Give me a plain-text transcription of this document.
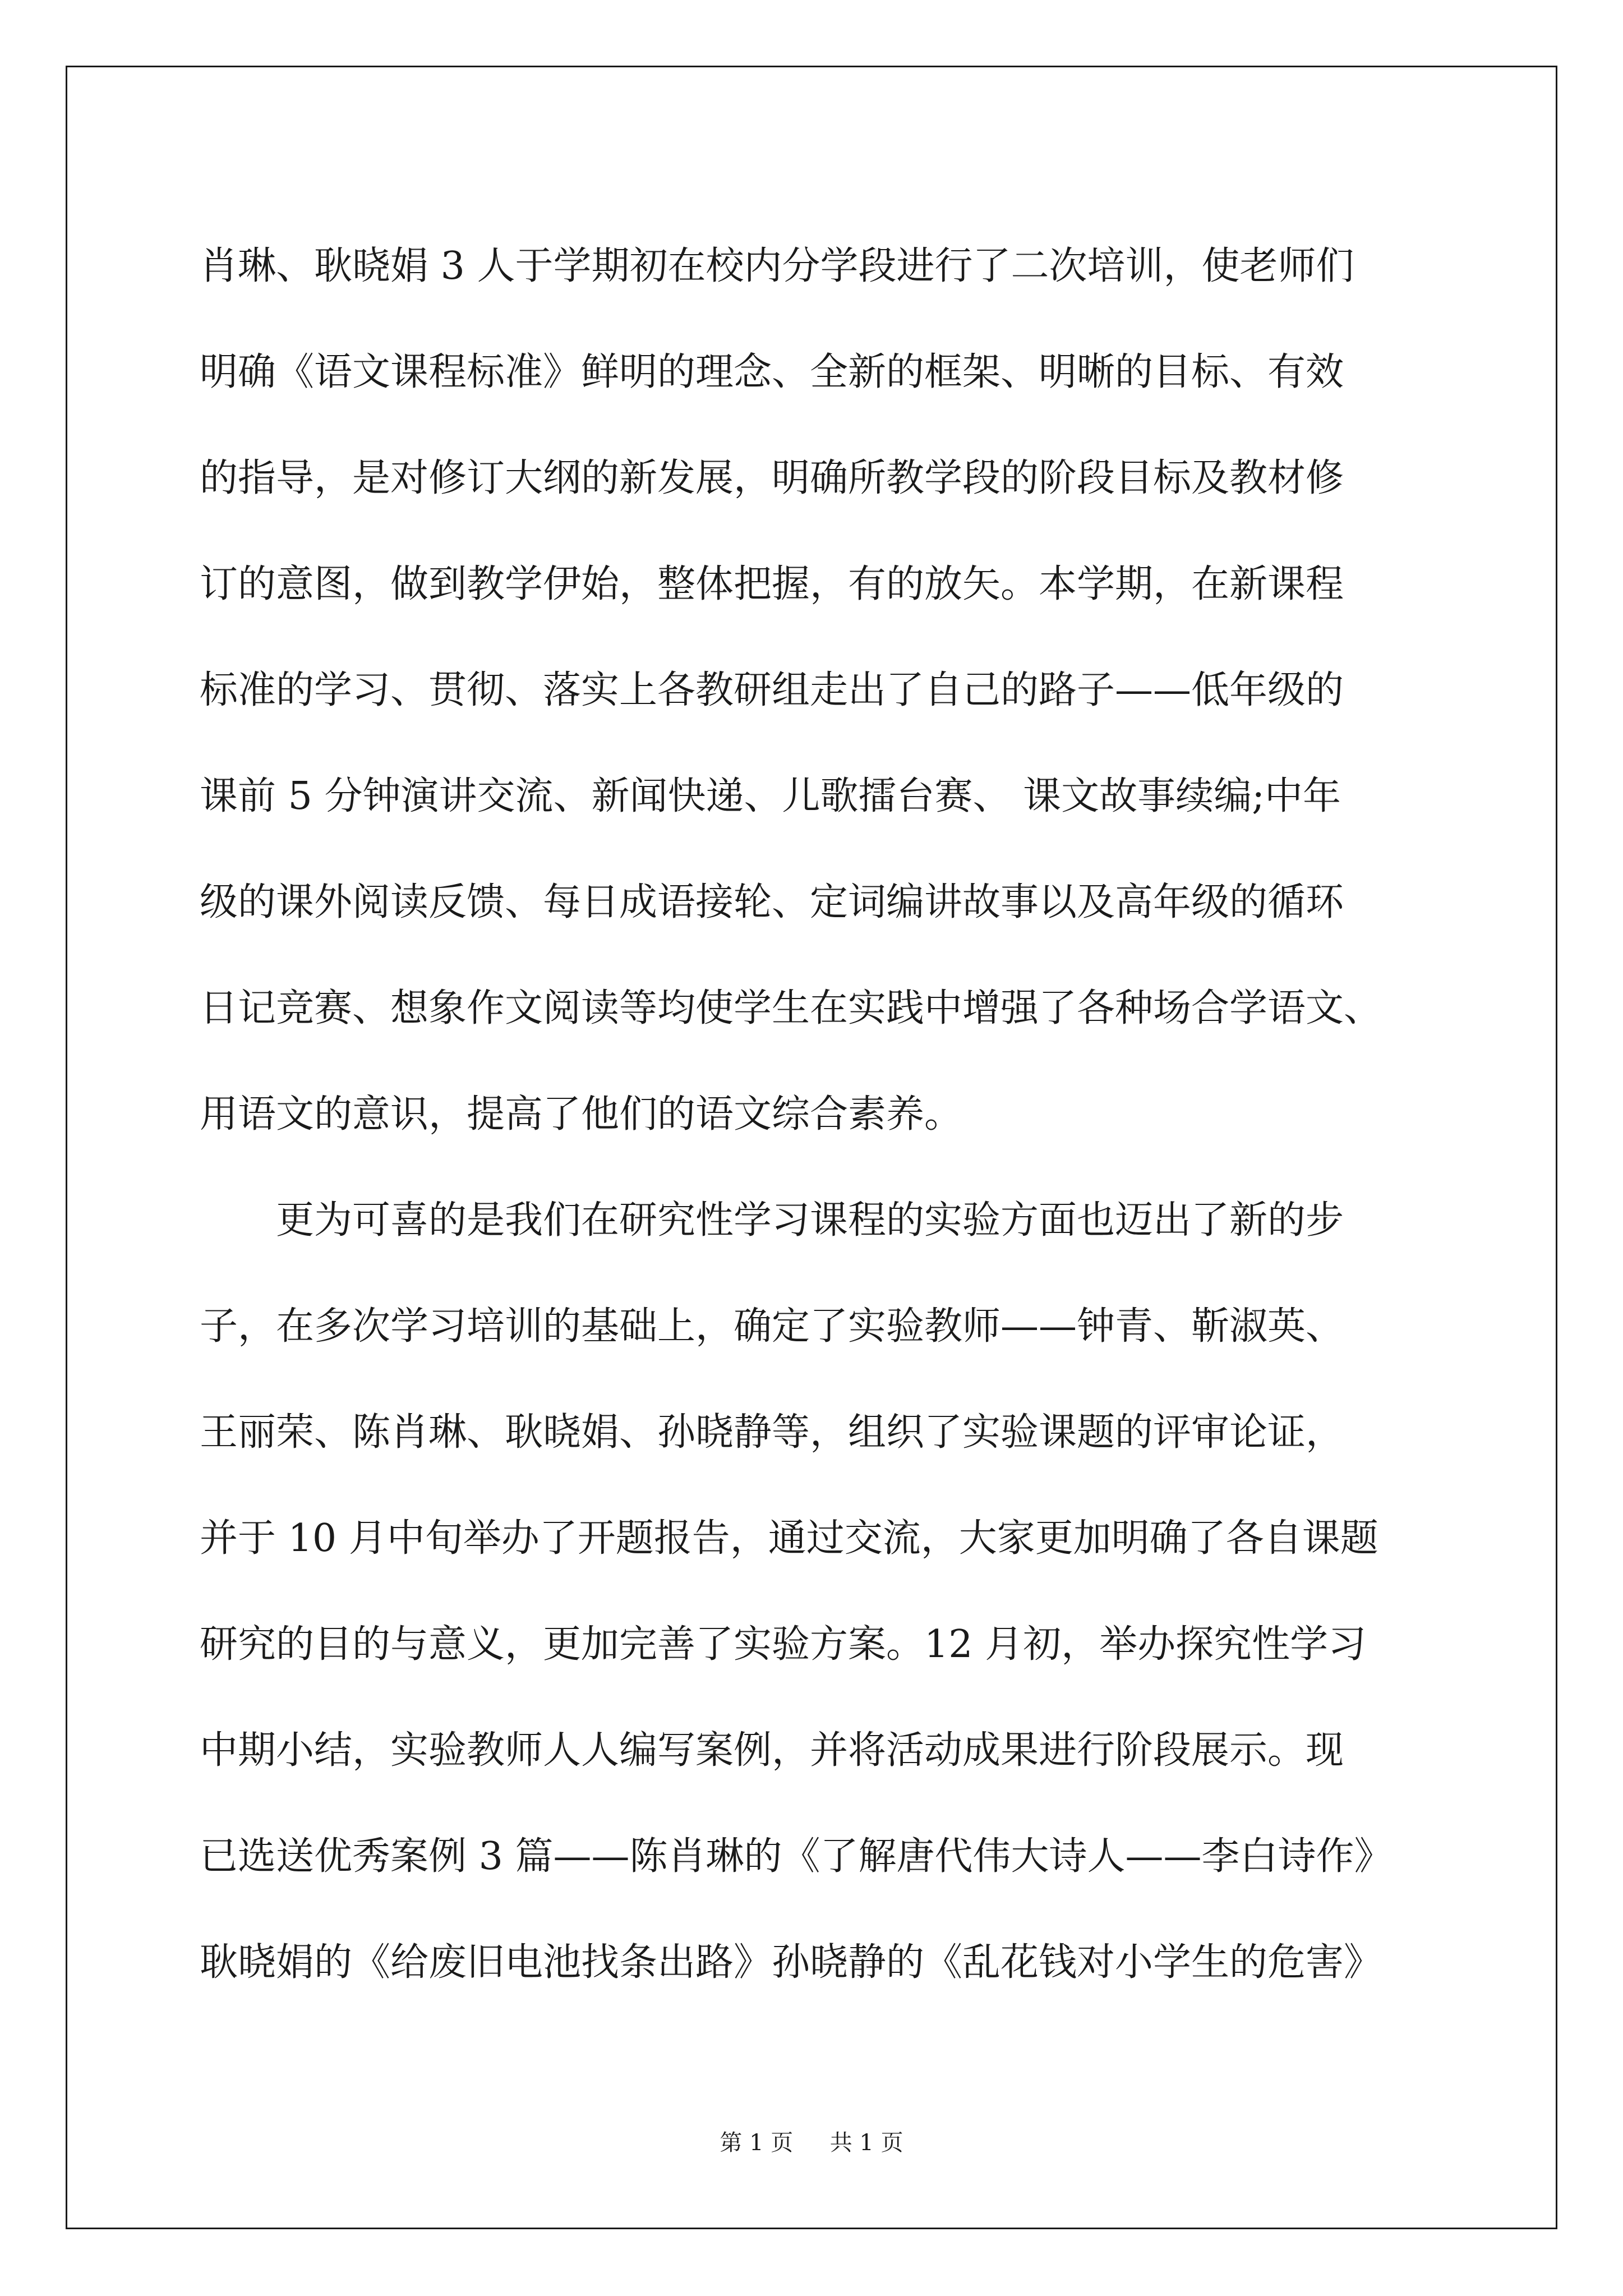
肖琳、耿晓娟 3 人于学期初在校内分学段进行了二次培训，使老师们

明确《语文课程标准》鲜明的理念、全新的框架、明晰的目标、有效

的指导，是对修订大纲的新发展，明确所教学段的阶段目标及教材修

订的意图，做到教学伊始，整体把握，有的放矢。本学期，在新课程

标准的学习、贯彻、落实上各教研组走出了自己的路子——低年级的

课前 5 分钟演讲交流、新闻快递、儿歌擂台赛、 课文故事续编;中年

级的课外阅读反馈、每日成语接轮、定词编讲故事以及高年级的循环

日记竞赛、想象作文阅读等均使学生在实践中增强了各种场合学语文、

用语文的意识，提高了他们的语文综合素养。

更为可喜的是我们在研究性学习课程的实验方面也迈出了新的步

子，在多次学习培训的基础上，确定了实验教师——钟青、靳淑英、

王丽荣、陈肖琳、耿晓娟、孙晓静等，组织了实验课题的评审论证，

并于 10 月中旬举办了开题报告，通过交流，大家更加明确了各自课题

研究的目的与意义，更加完善了实验方案。12 月初，举办探究性学习

中期小结，实验教师人人编写案例，并将活动成果进行阶段展示。现

已选送优秀案例 3 篇——陈肖琳的《了解唐代伟大诗人——李白诗作》

耿晓娟的《给废旧电池找条出路》孙晓静的《乱花钱对小学生的危害》

第 1 页 共 1 页
